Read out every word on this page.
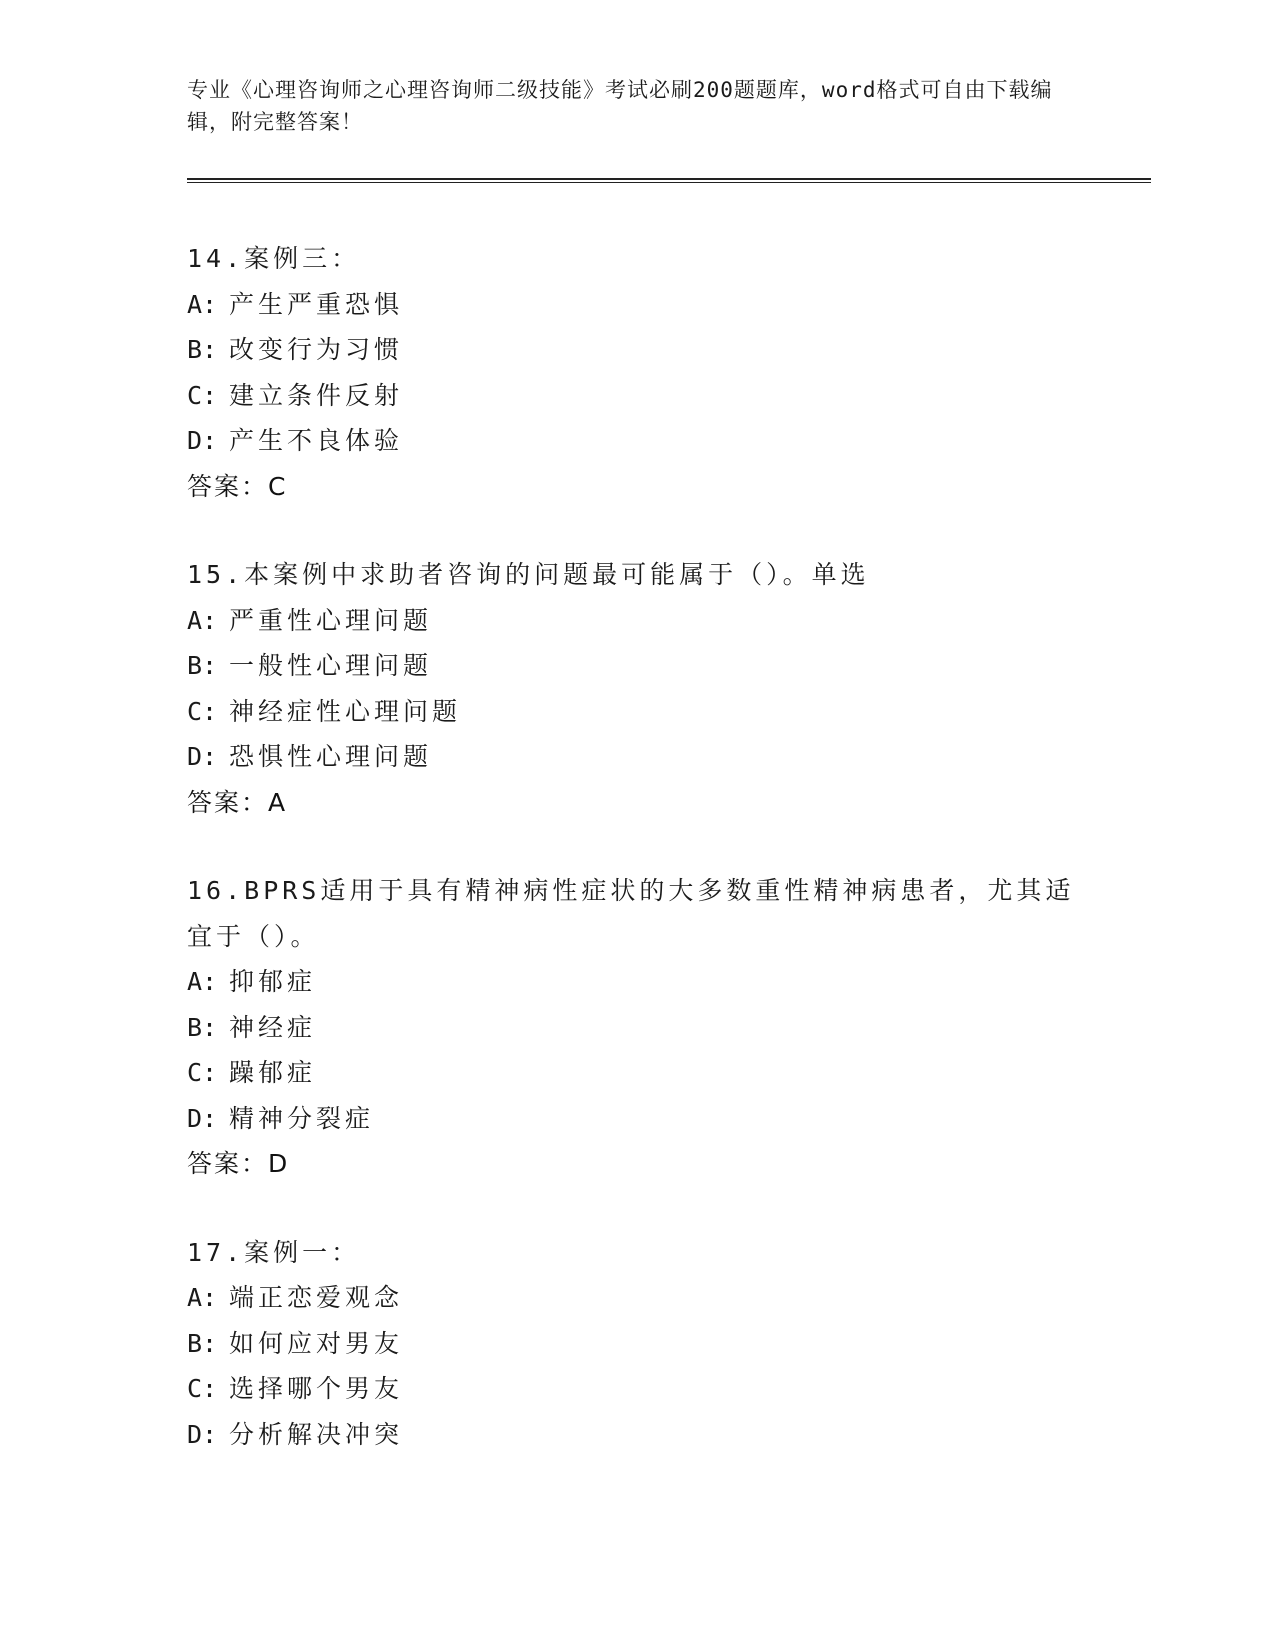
专业《心理咨询师之心理咨询师二级技能》考试必刷200题题库，word格式可自由下载编辑，附完整答案！
14.案例三：
A: 产生严重恐惧
B: 改变行为习惯
C: 建立条件反射
D: 产生不良体验
答案：C
15.本案例中求助者咨询的问题最可能属于（）。单选
A: 严重性心理问题
B: 一般性心理问题
C: 神经症性心理问题
D: 恐惧性心理问题
答案：A
16.BPRS适用于具有精神病性症状的大多数重性精神病患者，尤其适宜于（）。
A: 抑郁症
B: 神经症
C: 躁郁症
D: 精神分裂症
答案：D
17.案例一：
A: 端正恋爱观念
B: 如何应对男友
C: 选择哪个男友
D: 分析解决冲突
